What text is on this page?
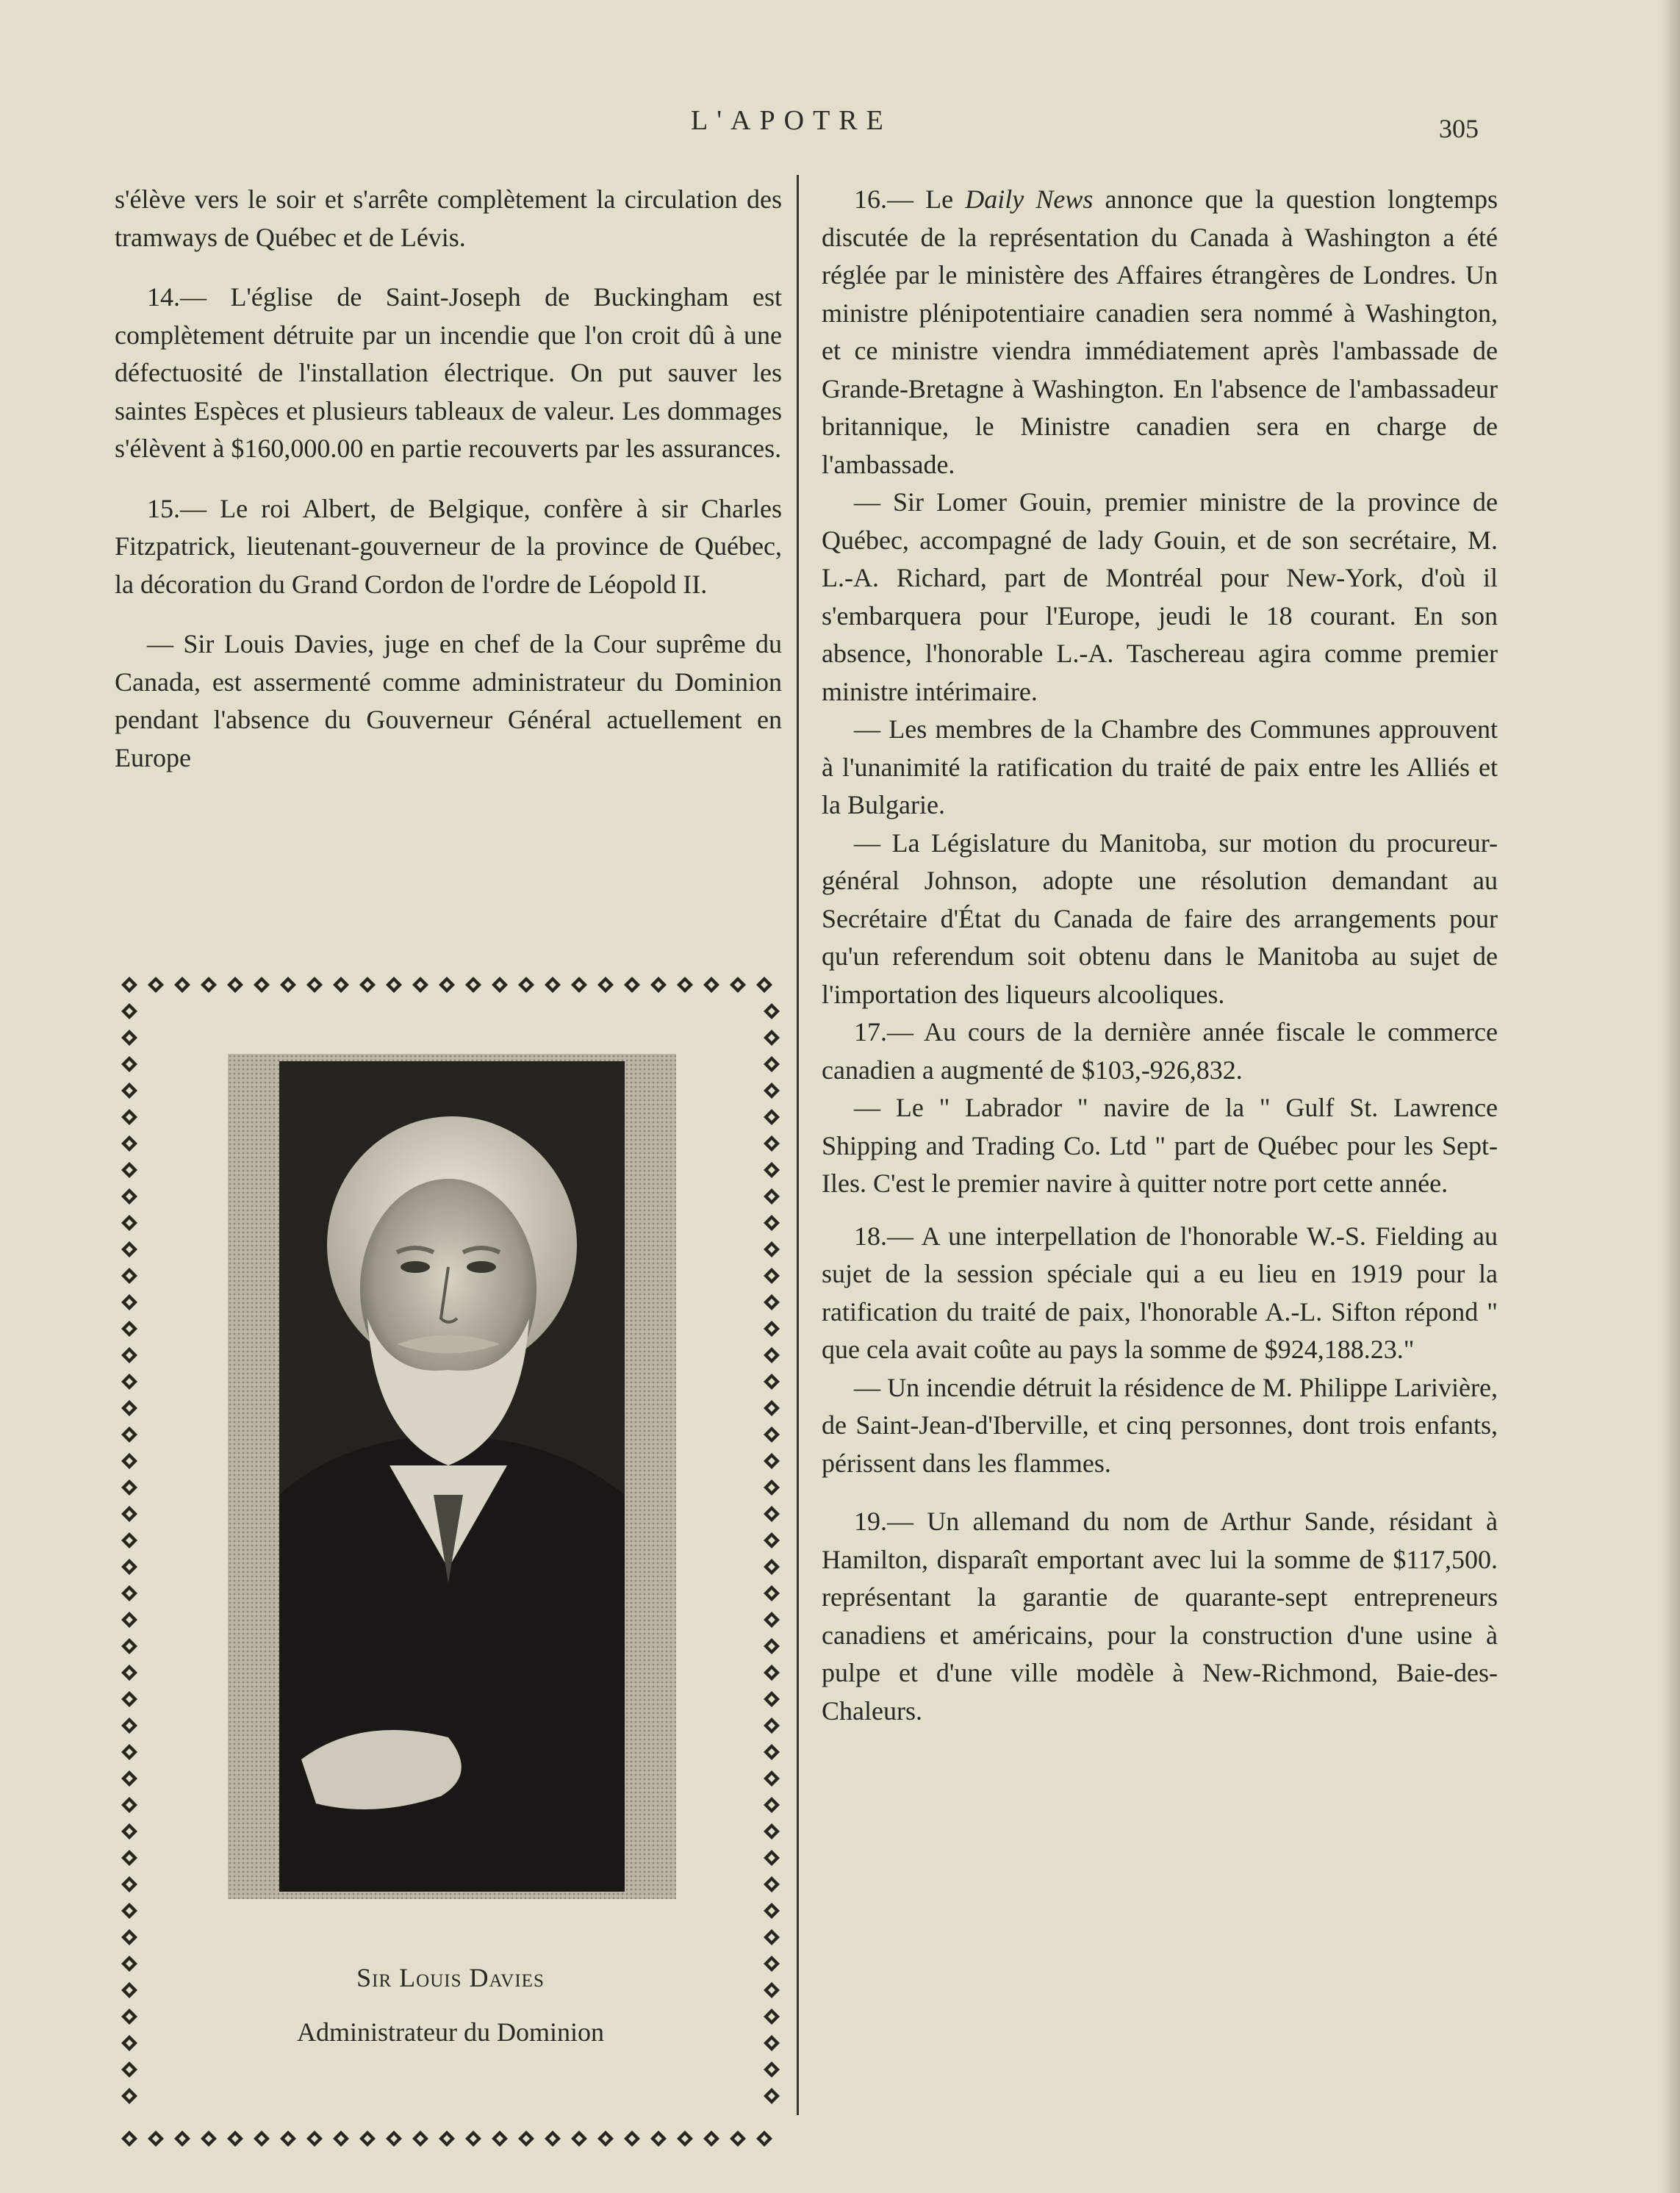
L'APOTRE	305

s'élève vers le soir et s'arrête complètement la circulation des tramways de Québec et de Lévis.

14.— L'église de Saint-Joseph de Buckingham est complètement détruite par un incendie que l'on croit dû à une défectuosité de l'installation électrique. On put sauver les saintes Espèces et plusieurs tableaux de valeur. Les dommages s'élèvent à $160,000.00 en partie recouverts par les assurances.

15.— Le roi Albert, de Belgique, confère à sir Charles Fitzpatrick, lieutenant-gouverneur de la province de Québec, la décoration du Grand Cordon de l'ordre de Léopold II.

— Sir Louis Davies, juge en chef de la Cour suprême du Canada, est assermenté comme administrateur du Dominion pendant l'absence du Gouverneur Général actuellement en Europe

Sir Louis Davies
Administrateur du Dominion

16.— Le Daily News annonce que la question longtemps discutée de la représentation du Canada à Washington a été réglée par le ministère des Affaires étrangères de Londres. Un ministre plénipotentiaire canadien sera nommé à Washington, et ce ministre viendra immédiatement après l'ambassade de Grande-Bretagne à Washington. En l'absence de l'ambassadeur britannique, le Ministre canadien sera en charge de l'ambassade.

— Sir Lomer Gouin, premier ministre de la province de Québec, accompagné de lady Gouin, et de son secrétaire, M. L.-A. Richard, part de Montréal pour New-York, d'où il s'embarquera pour l'Europe, jeudi le 18 courant. En son absence, l'honorable L.-A. Taschereau agira comme premier ministre intérimaire.

— Les membres de la Chambre des Communes approuvent à l'unanimité la ratification du traité de paix entre les Alliés et la Bulgarie.

— La Législature du Manitoba, sur motion du procureur-général Johnson, adopte une résolution demandant au Secrétaire d'État du Canada de faire des arrangements pour qu'un referendum soit obtenu dans le Manitoba au sujet de l'importation des liqueurs alcooliques.

17.— Au cours de la dernière année fiscale le commerce canadien a augmenté de $103,-926,832.

— Le " Labrador " navire de la " Gulf St. Lawrence Shipping and Trading Co. Ltd " part de Québec pour les Sept-Iles. C'est le premier navire à quitter notre port cette année.

18.— A une interpellation de l'honorable W.-S. Fielding au sujet de la session spéciale qui a eu lieu en 1919 pour la ratification du traité de paix, l'honorable A.-L. Sifton répond " que cela avait coûte au pays la somme de $924,188.23."

— Un incendie détruit la résidence de M. Philippe Larivière, de Saint-Jean-d'Iberville, et cinq personnes, dont trois enfants, périssent dans les flammes.

19.— Un allemand du nom de Arthur Sande, résidant à Hamilton, disparaît emportant avec lui la somme de $117,500. représentant la garantie de quarante-sept entrepreneurs canadiens et américains, pour la construction d'une usine à pulpe et d'une ville modèle à New-Richmond, Baie-des-Chaleurs.
